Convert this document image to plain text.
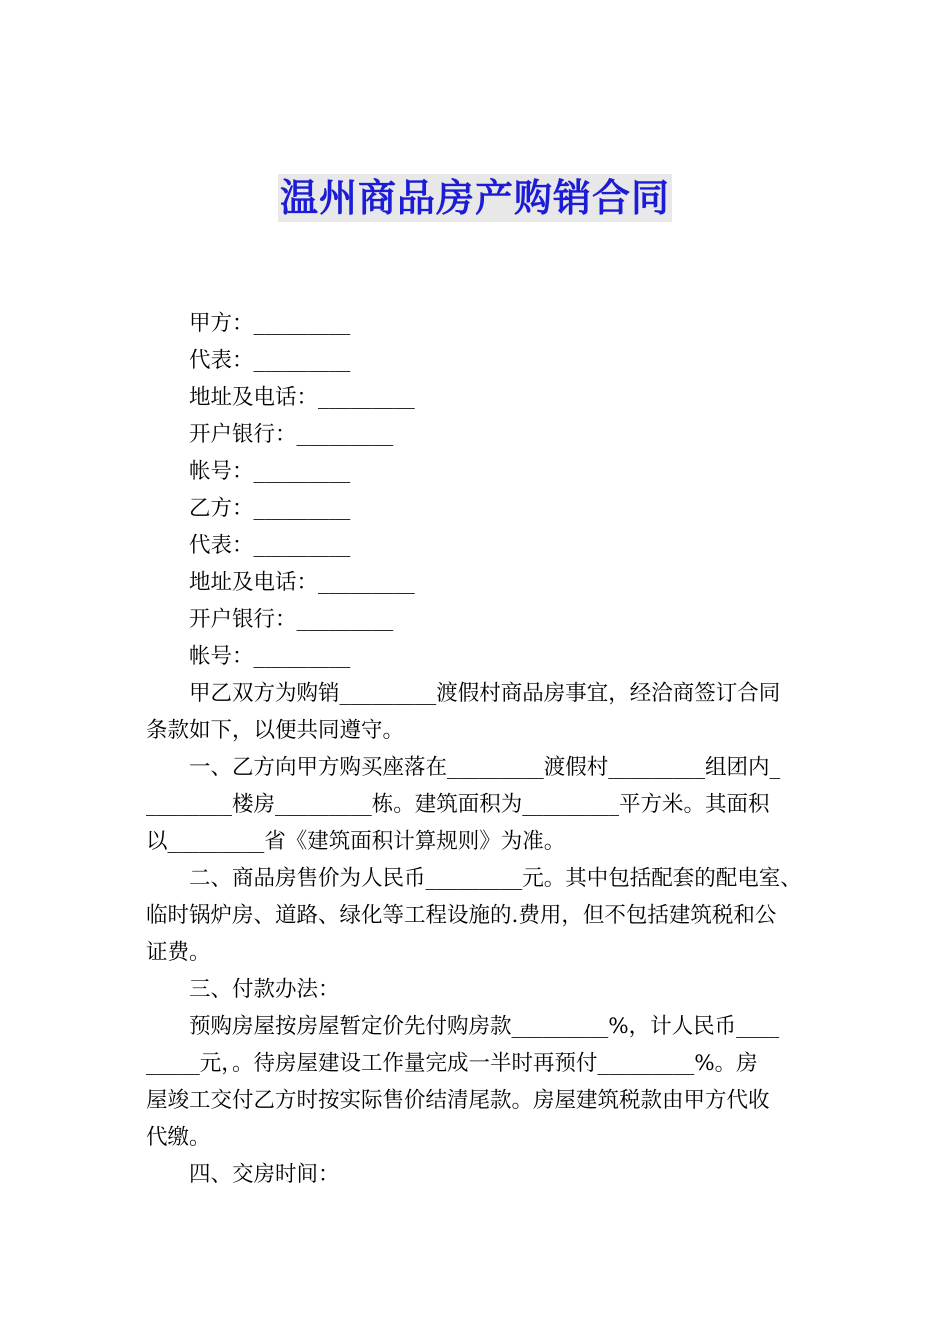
温州商品房产购销合同
甲方：_________
代表：_________
地址及电话：_________
开户银行：_________
帐号：_________
乙方：_________
代表：_________
地址及电话：_________
开户银行：_________
帐号：_________
甲乙双方为购销_________渡假村商品房事宜，经洽商签订合同
条款如下，以便共同遵守。
一、乙方向甲方购买座落在_________渡假村_________组团内_
________楼房_________栋。建筑面积为_________平方米。其面积
以_________省《建筑面积计算规则》为准。
二、商品房售价为人民币_________元。其中包括配套的配电室、
临时锅炉房、道路、绿化等工程设施的.费用，但不包括建筑税和公
证费。
三、付款办法：
预购房屋按房屋暂定价先付购房款_________%，计人民币____
_____元，。待房屋建设工作量完成一半时再预付_________%。房
屋竣工交付乙方时按实际售价结清尾款。房屋建筑税款由甲方代收
代缴。
四、交房时间：
